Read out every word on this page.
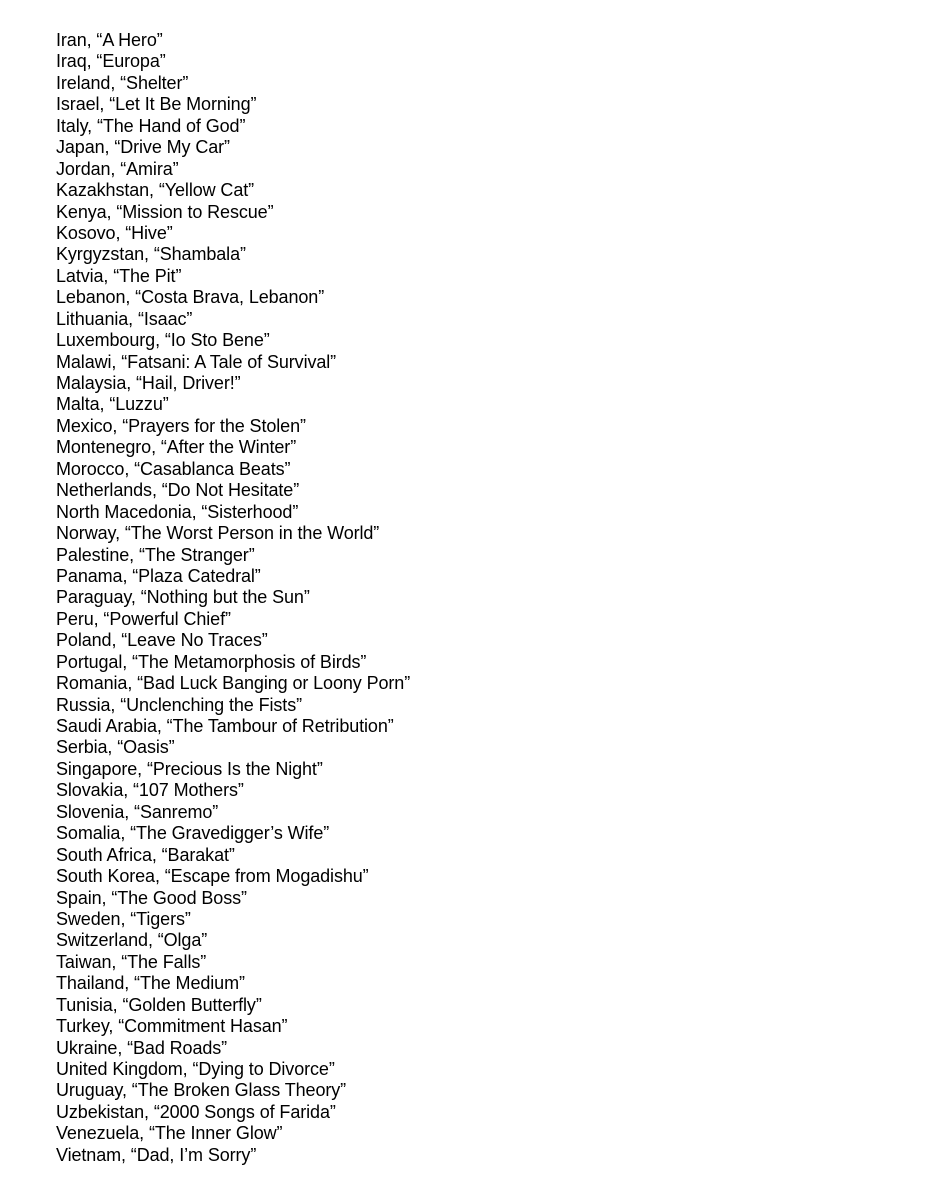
Iran, “A Hero”
Iraq, “Europa”
Ireland, “Shelter”
Israel, “Let It Be Morning”
Italy, “The Hand of God”
Japan, “Drive My Car”
Jordan, “Amira”
Kazakhstan, “Yellow Cat”
Kenya, “Mission to Rescue”
Kosovo, “Hive”
Kyrgyzstan, “Shambala”
Latvia, “The Pit”
Lebanon, “Costa Brava, Lebanon”
Lithuania, “Isaac”
Luxembourg, “Io Sto Bene”
Malawi, “Fatsani: A Tale of Survival”
Malaysia, “Hail, Driver!”
Malta, “Luzzu”
Mexico, “Prayers for the Stolen”
Montenegro, “After the Winter”
Morocco, “Casablanca Beats”
Netherlands, “Do Not Hesitate”
North Macedonia, “Sisterhood”
Norway, “The Worst Person in the World”
Palestine, “The Stranger”
Panama, “Plaza Catedral”
Paraguay, “Nothing but the Sun”
Peru, “Powerful Chief”
Poland, “Leave No Traces”
Portugal, “The Metamorphosis of Birds”
Romania, “Bad Luck Banging or Loony Porn”
Russia, “Unclenching the Fists”
Saudi Arabia, “The Tambour of Retribution”
Serbia, “Oasis”
Singapore, “Precious Is the Night”
Slovakia, “107 Mothers”
Slovenia, “Sanremo”
Somalia, “The Gravedigger’s Wife”
South Africa, “Barakat”
South Korea, “Escape from Mogadishu”
Spain, “The Good Boss”
Sweden, “Tigers”
Switzerland, “Olga”
Taiwan, “The Falls”
Thailand, “The Medium”
Tunisia, “Golden Butterfly”
Turkey, “Commitment Hasan”
Ukraine, “Bad Roads”
United Kingdom, “Dying to Divorce”
Uruguay, “The Broken Glass Theory”
Uzbekistan, “2000 Songs of Farida”
Venezuela, “The Inner Glow”
Vietnam, “Dad, I’m Sorry”
